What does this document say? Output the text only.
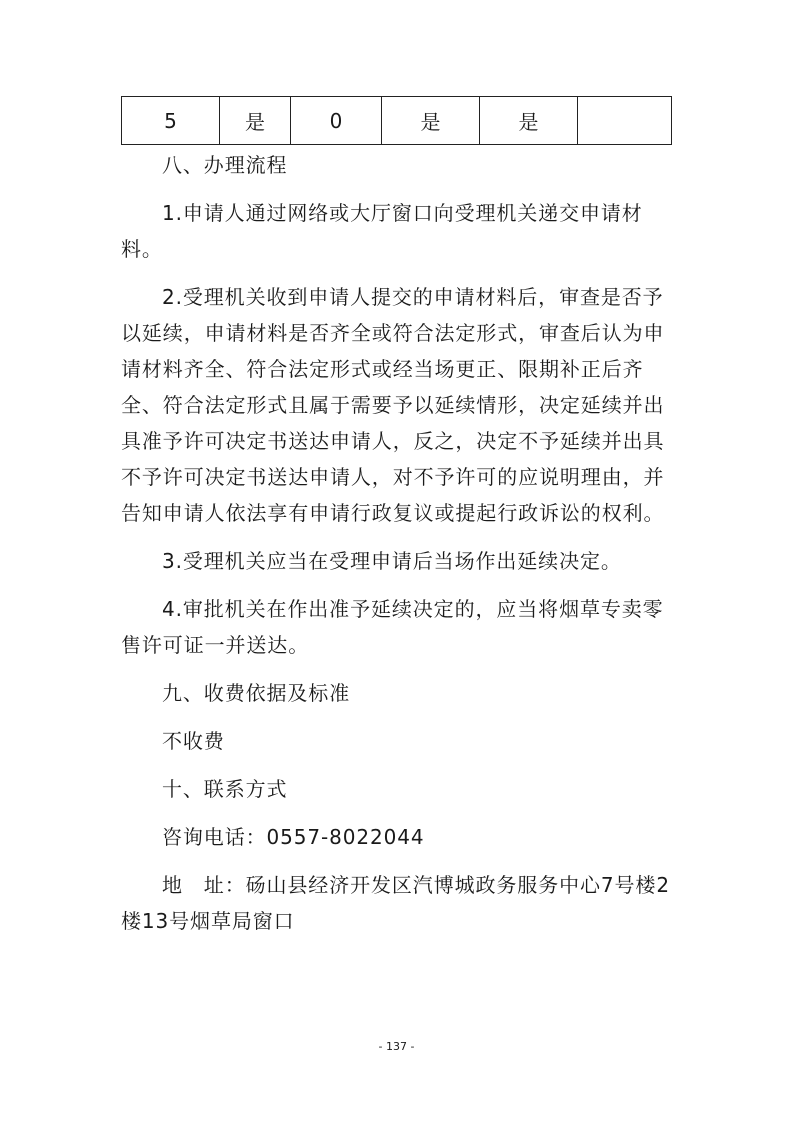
5	是	0	是	是	

八、办理流程

1.申请人通过网络或大厅窗口向受理机关递交申请材料。

2.受理机关收到申请人提交的申请材料后，审查是否予以延续，申请材料是否齐全或符合法定形式，审查后认为申请材料齐全、符合法定形式或经当场更正、限期补正后齐全、符合法定形式且属于需要予以延续情形，决定延续并出具准予许可决定书送达申请人，反之，决定不予延续并出具不予许可决定书送达申请人，对不予许可的应说明理由，并告知申请人依法享有申请行政复议或提起行政诉讼的权利。

3.受理机关应当在受理申请后当场作出延续决定。

4.审批机关在作出准予延续决定的，应当将烟草专卖零售许可证一并送达。

九、收费依据及标准

不收费

十、联系方式

咨询电话：0557-8022044

地　址：砀山县经济开发区汽博城政务服务中心7号楼2楼13号烟草局窗口

- 137 -
